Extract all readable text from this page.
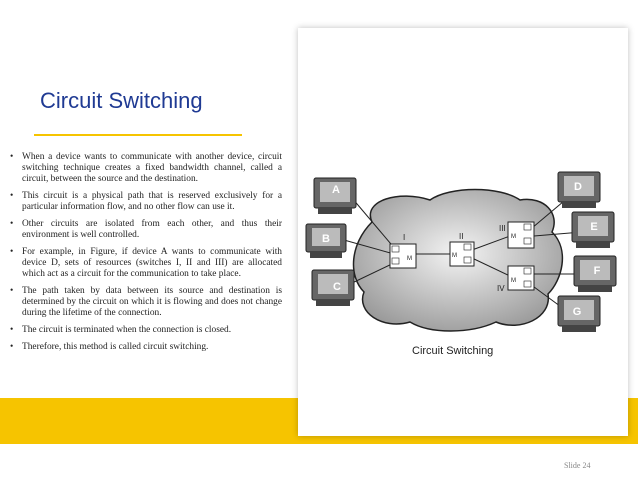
Circuit Switching
• When a device wants to communicate with another device, circuit switching technique creates a fixed bandwidth channel, called a circuit, between the source and the destination.
• This circuit is a physical path that is reserved exclusively for a particular information flow, and no other flow can use it.
• Other circuits are isolated from each other, and thus their environment is well controlled.
• For example, in Figure, if device A wants to communicate with device D, sets of resources (switches I, II and III) are allocated which act as a circuit for the communication to take place.
• The path taken by data between its source and destination is determined by the circuit on which it is flowing and does not change during the lifetime of the connection.
• The circuit is terminated when the connection is closed.
• Therefore, this method is called circuit switching.
I	II
III
IV
M	M
M
M
A
B
C
D
E
F
G
Circuit Switching
Slide 24
